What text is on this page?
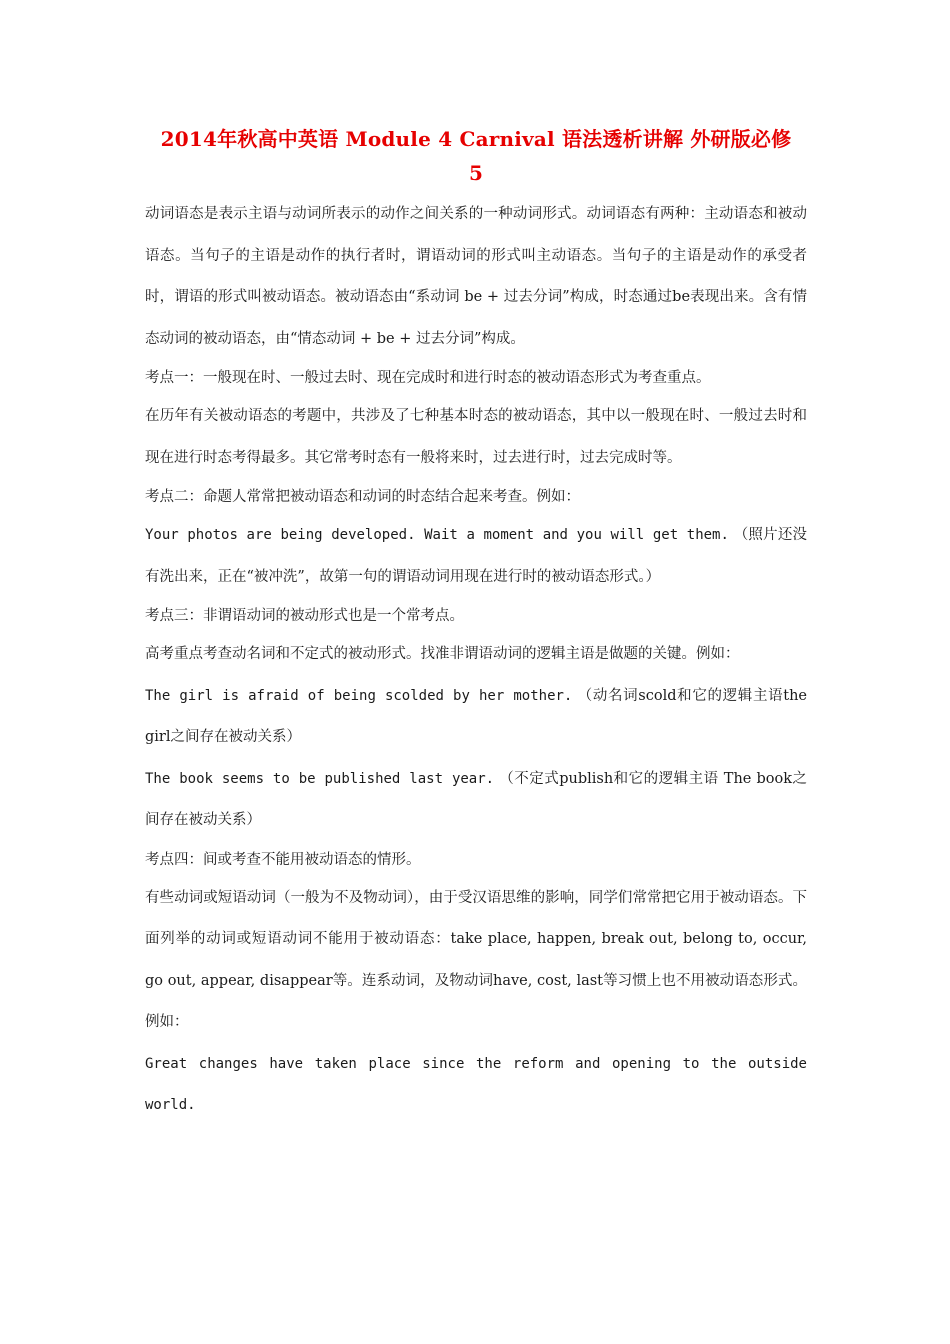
2014年秋高中英语 Module 4 Carnival 语法透析讲解 外研版必修
5

动词语态是表示主语与动词所表示的动作之间关系的一种动词形式。动词语态有两种：主动语态和被动语态。当句子的主语是动作的执行者时，谓语动词的形式叫主动语态。当句子的主语是动作的承受者时，谓语的形式叫被动语态。被动语态由“系动词 be + 过去分词”构成，时态通过be表现出来。含有情态动词的被动语态，由“情态动词 + be + 过去分词”构成。

考点一：一般现在时、一般过去时、现在完成时和进行时态的被动语态形式为考查重点。

在历年有关被动语态的考题中，共涉及了七种基本时态的被动语态，其中以一般现在时、一般过去时和现在进行时态考得最多。其它常考时态有一般将来时，过去进行时，过去完成时等。

考点二：命题人常常把被动语态和动词的时态结合起来考查。例如：

Your photos are being developed. Wait a moment and you will get them. （照片还没有洗出来，正在“被冲洗”，故第一句的谓语动词用现在进行时的被动语态形式。）

考点三：非谓语动词的被动形式也是一个常考点。

高考重点考查动名词和不定式的被动形式。找准非谓语动词的逻辑主语是做题的关键。例如：

The girl is afraid of being scolded by her mother. （动名词scold和它的逻辑主语the girl之间存在被动关系）

The book seems to be published last year. （不定式publish和它的逻辑主语 The book之间存在被动关系）

考点四：间或考查不能用被动语态的情形。

有些动词或短语动词（一般为不及物动词），由于受汉语思维的影响，同学们常常把它用于被动语态。下面列举的动词或短语动词不能用于被动语态：take place, happen, break out, belong to, occur, go out, appear, disappear等。连系动词，及物动词have, cost, last等习惯上也不用被动语态形式。例如：

Great changes have taken place since the reform and opening to the outside world.
